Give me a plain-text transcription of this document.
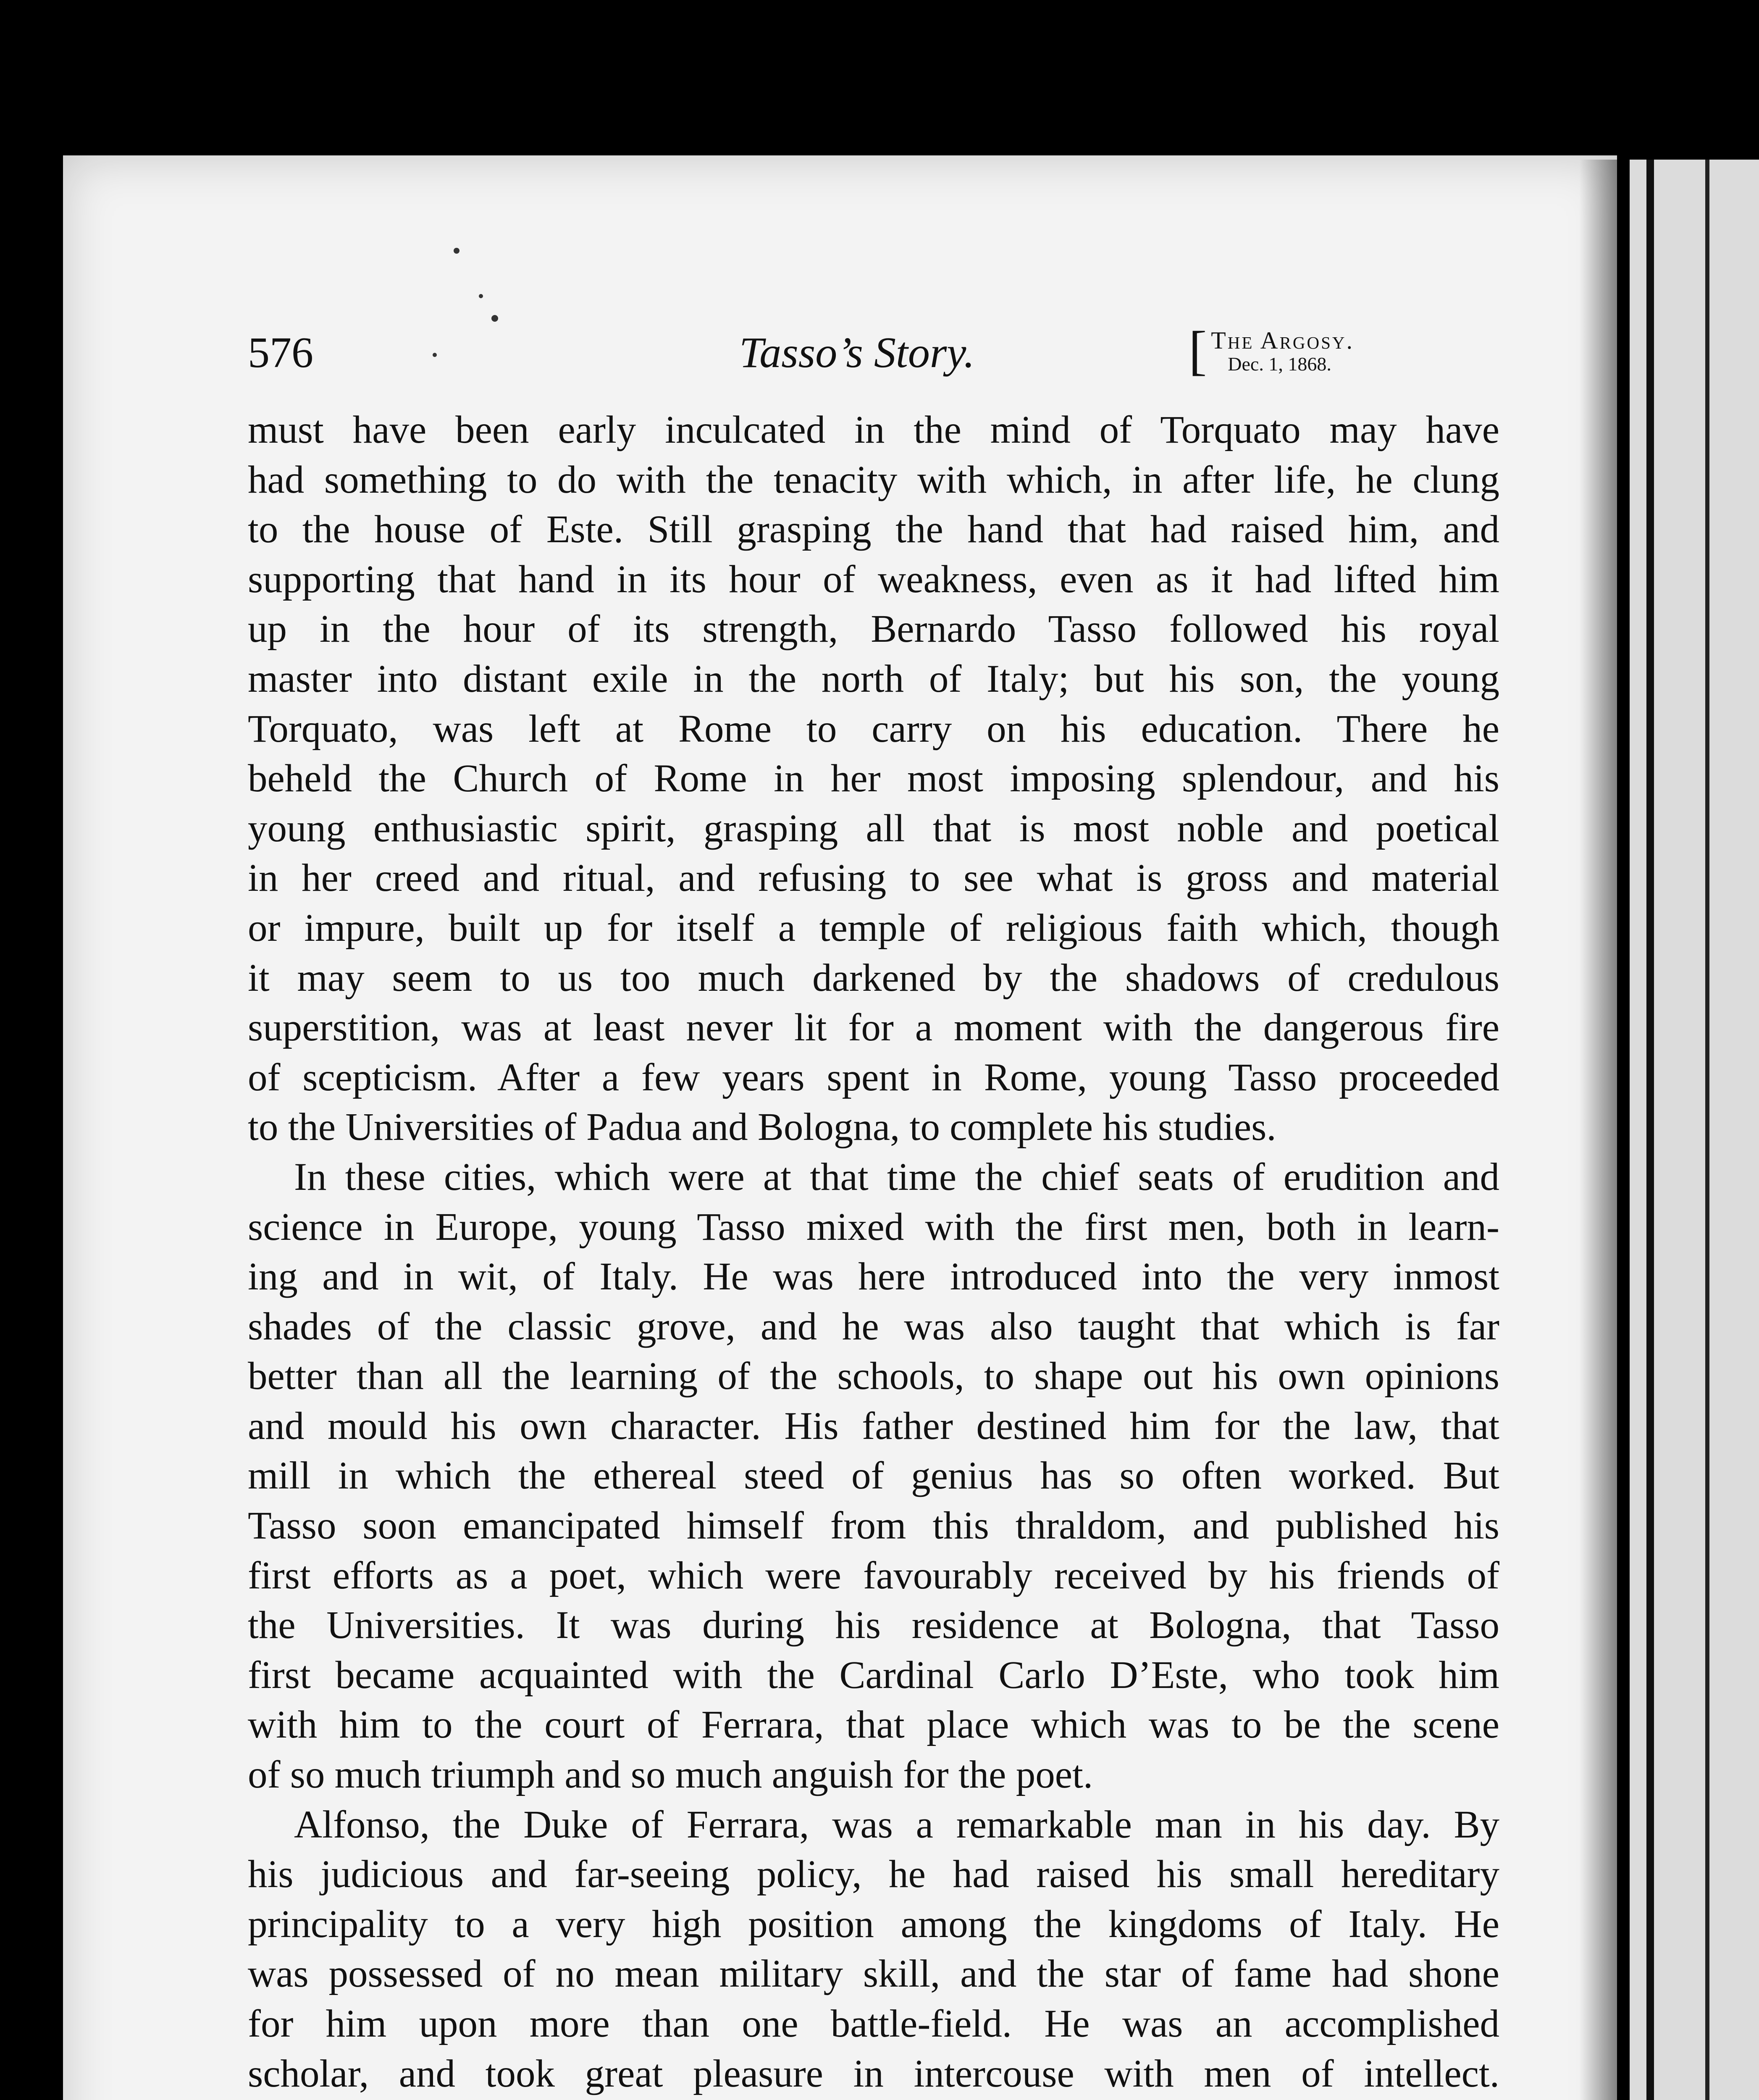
576	Tasso’s Story.	[ The Argosy.
Dec. 1, 1868.

must have been early inculcated in the mind of Torquato may have
had something to do with the tenacity with which, in after life, he clung
to the house of Este. Still grasping the hand that had raised him, and
supporting that hand in its hour of weakness, even as it had lifted him
up in the hour of its strength, Bernardo Tasso followed his royal
master into distant exile in the north of Italy; but his son, the young
Torquato, was left at Rome to carry on his education. There he
beheld the Church of Rome in her most imposing splendour, and his
young enthusiastic spirit, grasping all that is most noble and poetical
in her creed and ritual, and refusing to see what is gross and material
or impure, built up for itself a temple of religious faith which, though
it may seem to us too much darkened by the shadows of credulous
superstition, was at least never lit for a moment with the dangerous fire
of scepticism. After a few years spent in Rome, young Tasso proceeded
to the Universities of Padua and Bologna, to complete his studies.

In these cities, which were at that time the chief seats of erudition and
science in Europe, young Tasso mixed with the first men, both in learn-
ing and in wit, of Italy. He was here introduced into the very inmost
shades of the classic grove, and he was also taught that which is far
better than all the learning of the schools, to shape out his own opinions
and mould his own character. His father destined him for the law, that
mill in which the ethereal steed of genius has so often worked. But
Tasso soon emancipated himself from this thraldom, and published his
first efforts as a poet, which were favourably received by his friends of
the Universities. It was during his residence at Bologna, that Tasso
first became acquainted with the Cardinal Carlo D’Este, who took him
with him to the court of Ferrara, that place which was to be the scene
of so much triumph and so much anguish for the poet.

Alfonso, the Duke of Ferrara, was a remarkable man in his day. By
his judicious and far-seeing policy, he had raised his small hereditary
principality to a very high position among the kingdoms of Italy. He
was possessed of no mean military skill, and the star of fame had shone
for him upon more than one battle-field. He was an accomplished
scholar, and took great pleasure in intercouse with men of intellect.
